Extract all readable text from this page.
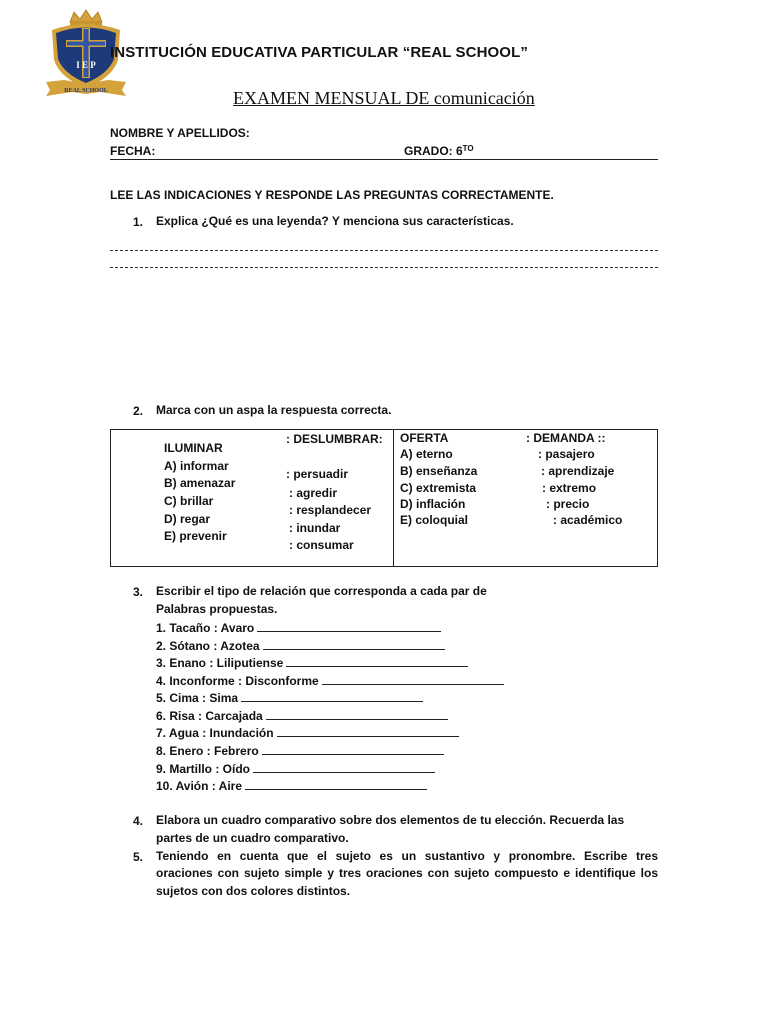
I E P
REAL SCHOOL
INSTITUCIÓN EDUCATIVA PARTICULAR “REAL SCHOOL”
EXAMEN MENSUAL DE comunicación
NOMBRE Y APELLIDOS:
FECHA:	GRADO: $6^{TO}$
LEE LAS INDICACIONES Y RESPONDE LAS PREGUNTAS CORRECTAMENTE.
1. Explica ¿Qué es una leyenda? Y menciona sus características.
2. Marca con un aspa la respuesta correcta.
: DESLUMBRAR:
ILUMINAR
A) informar
B) amenazar
C) brillar
D) regar
E) prevenir
: persuadir
: agredir
: resplandecer
: inundar
: consumar
OFERTA	: DEMANDA ::
A) eterno
B) enseñanza
C) extremista
D) inflación
E) coloquial
: pasajero
: aprendizaje
: extremo
: precio
: académico
3. Escribir el tipo de relación que corresponda a cada par de
Palabras propuestas.
1. Tacaño : Avaro
2. Sótano : Azotea
3. Enano : Liliputiense
4. Inconforme : Disconforme
5. Cima : Sima
6. Risa : Carcajada
7. Agua : Inundación
8. Enero : Febrero
9. Martillo : Oído
10. Avión : Aire
4. Elabora un cuadro comparativo sobre dos elementos de tu elección. Recuerda las
partes de un cuadro comparativo.
5. Teniendo en cuenta que el sujeto es un sustantivo y pronombre. Escribe tres
oraciones con sujeto simple y tres oraciones con sujeto compuesto e identifique los
sujetos con dos colores distintos.
